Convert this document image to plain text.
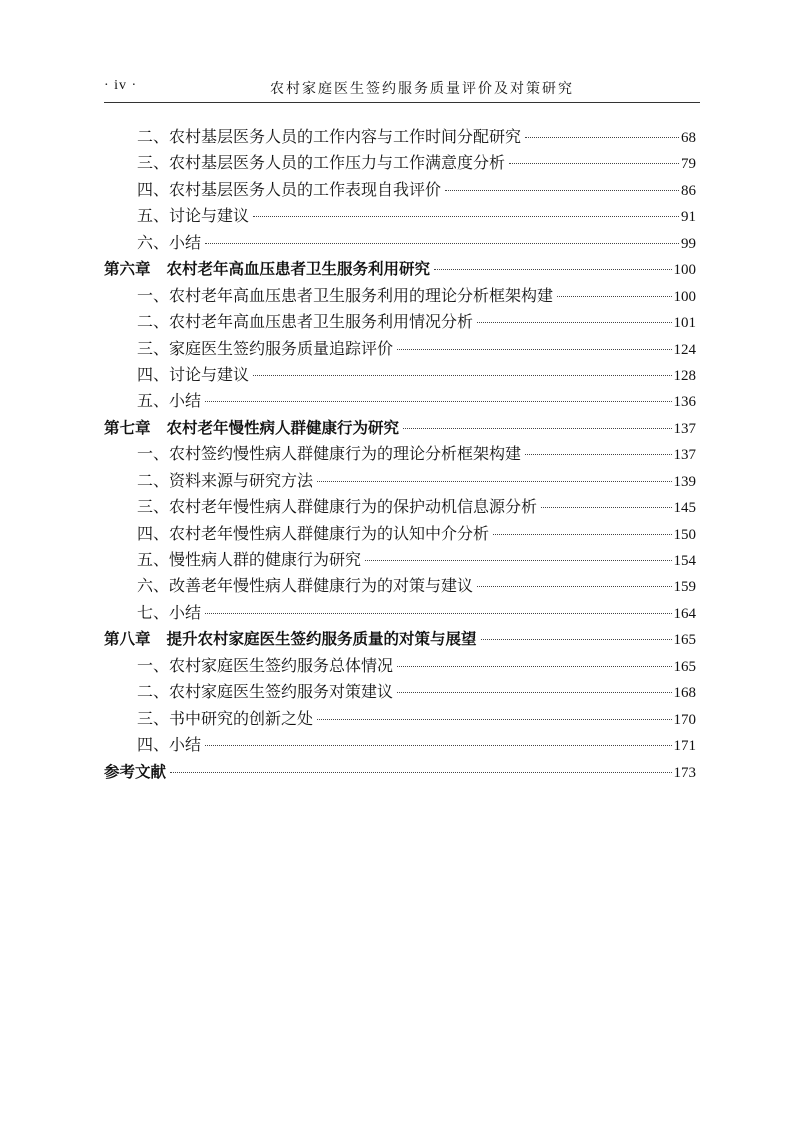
· iv ·	农村家庭医生签约服务质量评价及对策研究
二、农村基层医务人员的工作内容与工作时间分配研究	68
三、农村基层医务人员的工作压力与工作满意度分析	79
四、农村基层医务人员的工作表现自我评价	86
五、讨论与建议	91
六、小结	99
第六章 农村老年高血压患者卫生服务利用研究	100
一、农村老年高血压患者卫生服务利用的理论分析框架构建	100
二、农村老年高血压患者卫生服务利用情况分析	101
三、家庭医生签约服务质量追踪评价	124
四、讨论与建议	128
五、小结	136
第七章 农村老年慢性病人群健康行为研究	137
一、农村签约慢性病人群健康行为的理论分析框架构建	137
二、资料来源与研究方法	139
三、农村老年慢性病人群健康行为的保护动机信息源分析	145
四、农村老年慢性病人群健康行为的认知中介分析	150
五、慢性病人群的健康行为研究	154
六、改善老年慢性病人群健康行为的对策与建议	159
七、小结	164
第八章 提升农村家庭医生签约服务质量的对策与展望	165
一、农村家庭医生签约服务总体情况	165
二、农村家庭医生签约服务对策建议	168
三、书中研究的创新之处	170
四、小结	171
参考文献	173
